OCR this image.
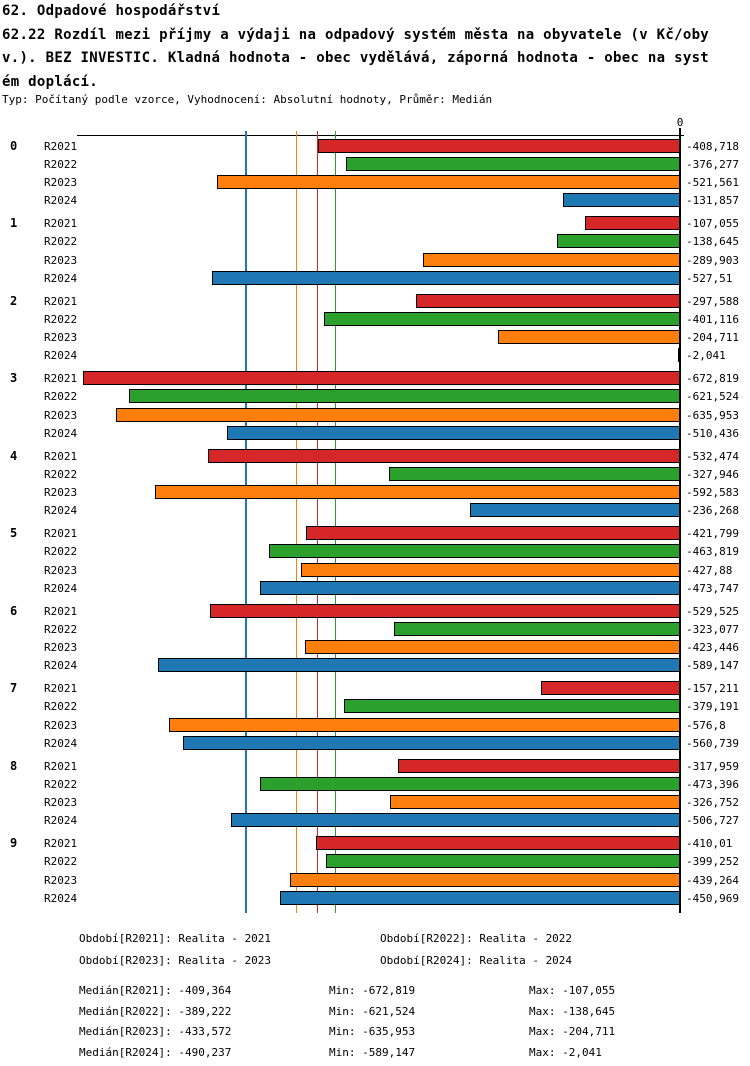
62. Odpadové hospodářství
62.22 Rozdíl mezi příjmy a výdaji na odpadový systém města na obyvatele (v Kč/oby
v.). BEZ INVESTIC. Kladná hodnota - obec vydělává, záporná hodnota - obec na syst
ém doplácí.
Typ: Počítaný podle vzorce, Vyhodnocení: Absolutní hodnoty, Průměr: Medián
0
0 R2021	-408,718
R2022	-376,277
R2023	-521,561
R2024	-131,857
1 R2021	-107,055
R2022	-138,645
R2023	-289,903
R2024	-527,51
2 R2021	-297,588
R2022	-401,116
R2023	-204,711
R2024	-2,041
3 R2021	-672,819
R2022	-621,524
R2023	-635,953
R2024	-510,436
4 R2021	-532,474
R2022	-327,946
R2023	-592,583
R2024	-236,268
5 R2021	-421,799
R2022	-463,819
R2023	-427,88
R2024	-473,747
6 R2021	-529,525
R2022	-323,077
R2023	-423,446
R2024	-589,147
7 R2021	-157,211
R2022	-379,191
R2023	-576,8
R2024	-560,739
8 R2021	-317,959
R2022	-473,396
R2023	-326,752
R2024	-506,727
9 R2021	-410,01
R2022	-399,252
R2023	-439,264
R2024	-450,969
Období[R2021]: Realita - 2021	Období[R2022]: Realita - 2022
Období[R2023]: Realita - 2023	Období[R2024]: Realita - 2024
Medián[R2021]: -409,364	Min: -672,819	Max: -107,055
Medián[R2022]: -389,222	Min: -621,524	Max: -138,645
Medián[R2023]: -433,572	Min: -635,953	Max: -204,711
Medián[R2024]: -490,237	Min: -589,147	Max: -2,041
